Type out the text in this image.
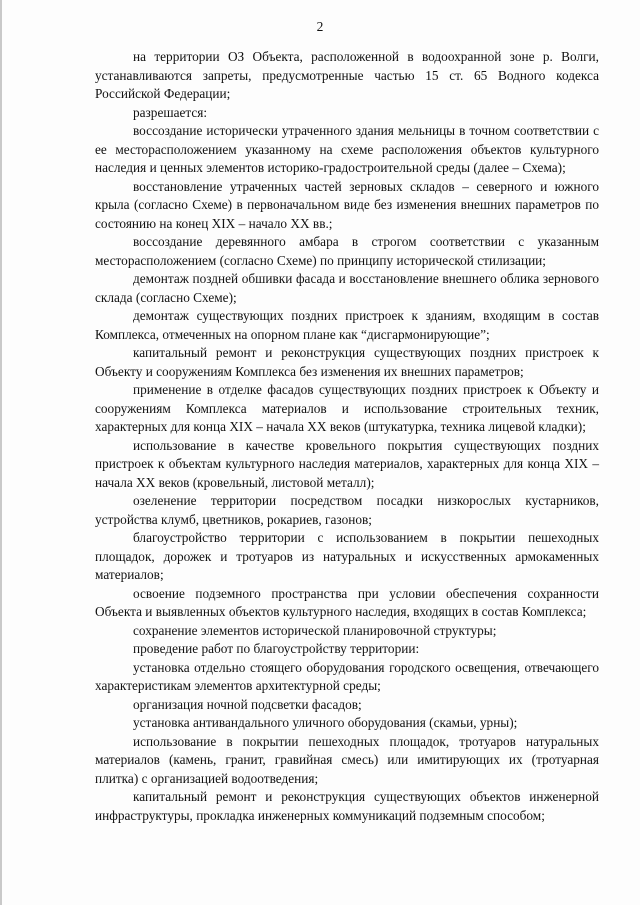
2

на территории ОЗ Объекта, расположенной в водоохранной зоне р. Волги, устанавливаются запреты, предусмотренные частью 15 ст. 65 Водного кодекса Российской Федерации;

разрешается:

воссоздание исторически утраченного здания мельницы в точном соответствии с ее месторасположением указанному на схеме расположения объектов культурного наследия и ценных элементов историко-градостроительной среды (далее – Схема);

восстановление утраченных частей зерновых складов – северного и южного крыла (согласно Схеме) в первоначальном виде без изменения внешних параметров по состоянию на конец XIX – начало XX вв.;

воссоздание деревянного амбара в строгом соответствии с указанным месторасположением (согласно Схеме) по принципу исторической стилизации;

демонтаж поздней обшивки фасада и восстановление внешнего облика зернового склада (согласно Схеме);

демонтаж существующих поздних пристроек к зданиям, входящим в состав Комплекса, отмеченных на опорном плане как “дисгармонирующие”;

капитальный ремонт и реконструкция существующих поздних пристроек к Объекту и сооружениям Комплекса без изменения их внешних параметров;

применение в отделке фасадов существующих поздних пристроек к Объекту и сооружениям Комплекса материалов и использование строительных техник, характерных для конца XIX – начала XX веков (штукатурка, техника лицевой кладки);

использование в качестве кровельного покрытия существующих поздних пристроек к объектам культурного наследия материалов, характерных для конца XIX – начала XX веков (кровельный, листовой металл);

озеленение территории посредством посадки низкорослых кустарников, устройства клумб, цветников, рокариев, газонов;

благоустройство территории с использованием в покрытии пешеходных площадок, дорожек и тротуаров из натуральных и искусственных армокаменных материалов;

освоение подземного пространства при условии обеспечения сохранности Объекта и выявленных объектов культурного наследия, входящих в состав Комплекса;

сохранение элементов исторической планировочной структуры;

проведение работ по благоустройству территории:

установка отдельно стоящего оборудования городского освещения, отвечающего характеристикам элементов архитектурной среды;

организация ночной подсветки фасадов;

установка антивандального уличного оборудования (скамьи, урны);

использование в покрытии пешеходных площадок, тротуаров натуральных материалов (камень, гранит, гравийная смесь) или имитирующих их (тротуарная плитка) с организацией водоотведения;

капитальный ремонт и реконструкция существующих объектов инженерной инфраструктуры, прокладка инженерных коммуникаций подземным способом;
